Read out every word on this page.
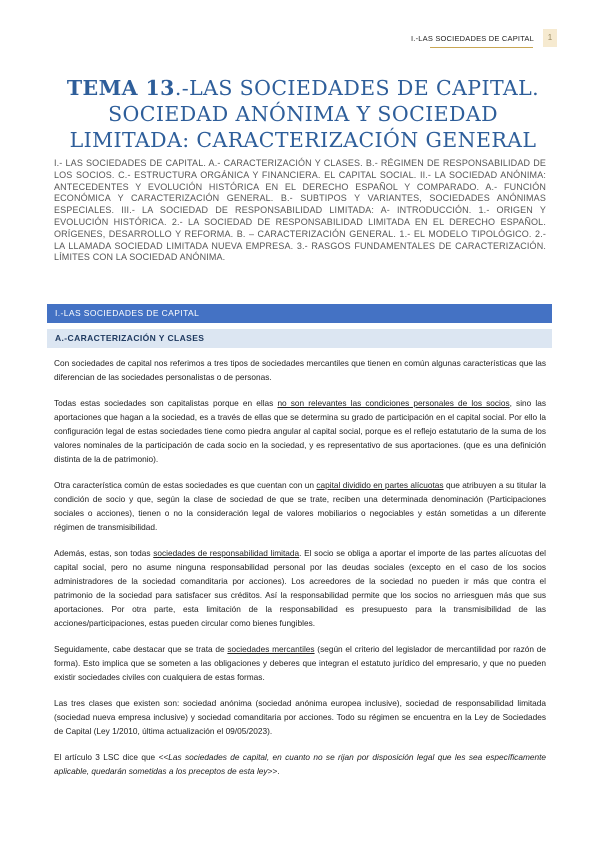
I.-LAS SOCIEDADES DE CAPITAL	1
TEMA 13.-LAS SOCIEDADES DE CAPITAL. SOCIEDAD ANÓNIMA Y SOCIEDAD LIMITADA: CARACTERIZACIÓN GENERAL
I.- LAS SOCIEDADES DE CAPITAL. A.- CARACTERIZACIÓN Y CLASES. B.- RÉGIMEN DE RESPONSABILIDAD DE LOS SOCIOS. C.- ESTRUCTURA ORGÁNICA Y FINANCIERA. EL CAPITAL SOCIAL. II.- LA SOCIEDAD ANÓNIMA: ANTECEDENTES Y EVOLUCIÓN HISTÓRICA EN EL DERECHO ESPAÑOL Y COMPARADO. A.- FUNCIÓN ECONÓMICA Y CARACTERIZACIÓN GENERAL. B.- SUBTIPOS Y VARIANTES, SOCIEDADES ANÓNIMAS ESPECIALES. III.- LA SOCIEDAD DE RESPONSABILIDAD LIMITADA: A- INTRODUCCIÓN. 1.- ORIGEN Y EVOLUCIÓN HISTÓRICA. 2.- LA SOCIEDAD DE RESPONSABILIDAD LIMITADA EN EL DERECHO ESPAÑOL. ORÍGENES, DESARROLLO Y REFORMA. B. – CARACTERIZACIÓN GENERAL. 1.- EL MODELO TIPOLÓGICO. 2.- LA LLAMADA SOCIEDAD LIMITADA NUEVA EMPRESA. 3.- RASGOS FUNDAMENTALES DE CARACTERIZACIÓN. LÍMITES CON LA SOCIEDAD ANÓNIMA.
I.-LAS SOCIEDADES DE CAPITAL
A.-CARACTERIZACIÓN Y CLASES

Con sociedades de capital nos referimos a tres tipos de sociedades mercantiles que tienen en común algunas características que las diferencian de las sociedades personalistas o de personas.

Todas estas sociedades son capitalistas porque en ellas no son relevantes las condiciones personales de los socios, sino las aportaciones que hagan a la sociedad, es a través de ellas que se determina su grado de participación en el capital social. Por ello la configuración legal de estas sociedades tiene como piedra angular al capital social, porque es el reflejo estatutario de la suma de los valores nominales de la participación de cada socio en la sociedad, y es representativo de sus aportaciones. (que es una definición distinta de la de patrimonio).

Otra característica común de estas sociedades es que cuentan con un capital dividido en partes alícuotas que atribuyen a su titular la condición de socio y que, según la clase de sociedad de que se trate, reciben una determinada denominación (Participaciones sociales o acciones), tienen o no la consideración legal de valores mobiliarios o negociables y están sometidas a un diferente régimen de transmisibilidad.

Además, estas, son todas sociedades de responsabilidad limitada. El socio se obliga a aportar el importe de las partes alícuotas del capital social, pero no asume ninguna responsabilidad personal por las deudas sociales (excepto en el caso de los socios administradores de la sociedad comanditaria por acciones). Los acreedores de la sociedad no pueden ir más que contra el patrimonio de la sociedad para satisfacer sus créditos. Así la responsabilidad permite que los socios no arriesguen más que sus aportaciones. Por otra parte, esta limitación de la responsabilidad es presupuesto para la transmisibilidad de las acciones/participaciones, estas pueden circular como bienes fungibles.

Seguidamente, cabe destacar que se trata de sociedades mercantiles (según el criterio del legislador de mercantilidad por razón de forma). Esto implica que se someten a las obligaciones y deberes que integran el estatuto jurídico del empresario, y que no pueden existir sociedades civiles con cualquiera de estas formas.

Las tres clases que existen son: sociedad anónima (sociedad anónima europea inclusive), sociedad de responsabilidad limitada (sociedad nueva empresa inclusive) y sociedad comanditaria por acciones. Todo su régimen se encuentra en la Ley de Sociedades de Capital (Ley 1/2010, última actualización el 09/05/2023).

El artículo 3 LSC dice que <<Las sociedades de capital, en cuanto no se rijan por disposición legal que les sea específicamente aplicable, quedarán sometidas a los preceptos de esta ley>>.
